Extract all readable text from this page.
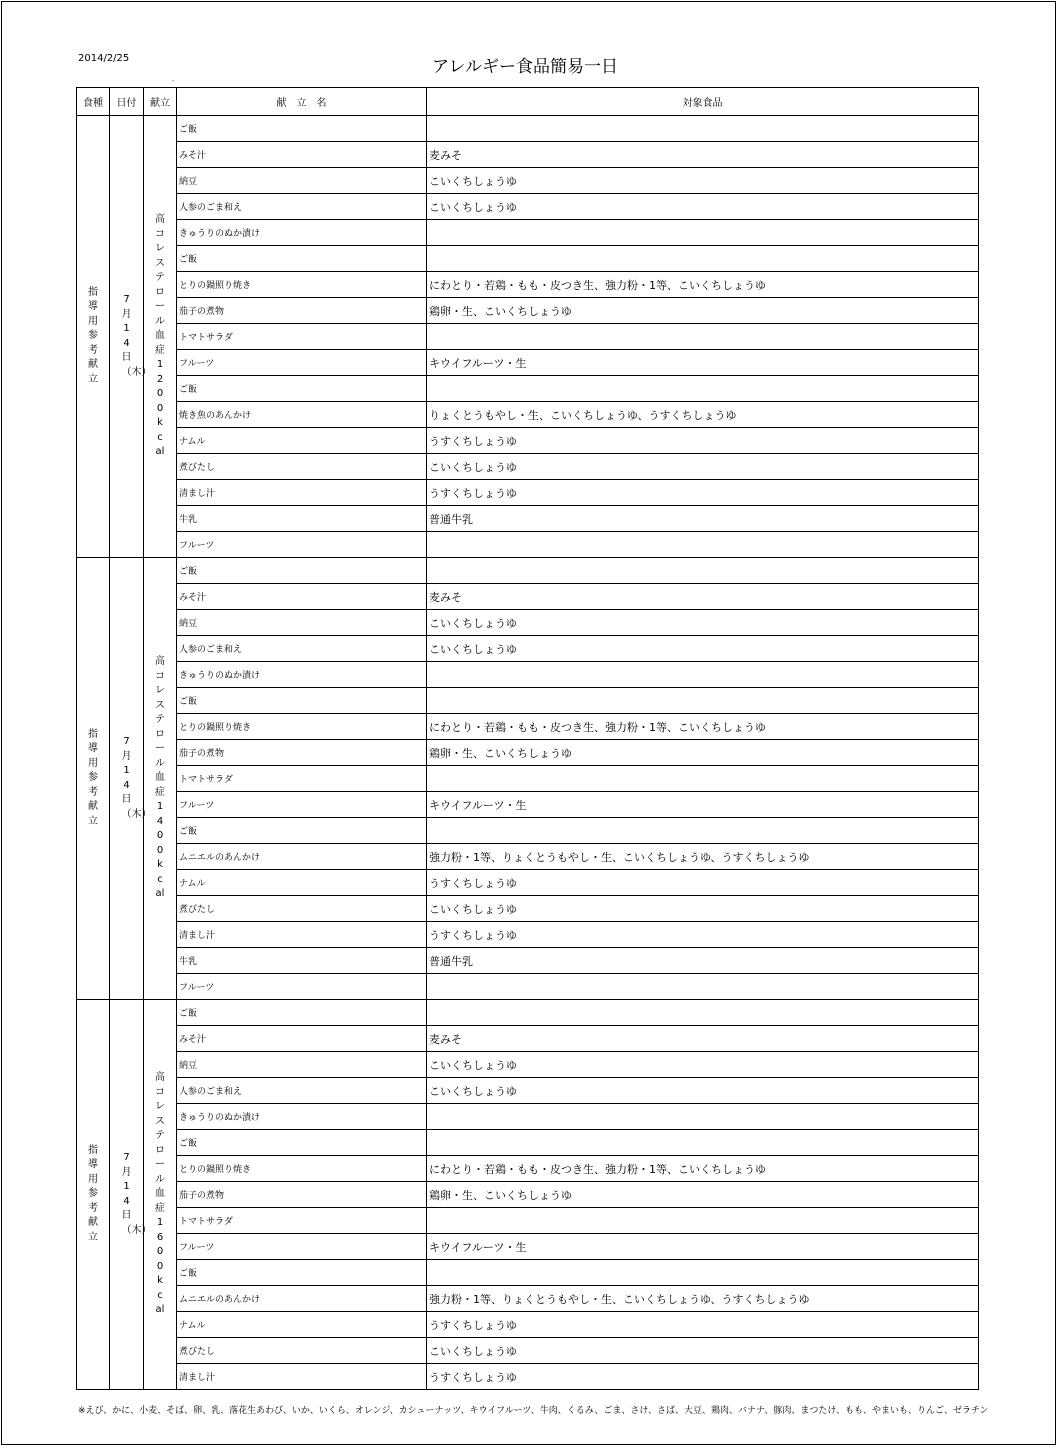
2014/2/25	アレルギー食品簡易一日
.
食種	日付	献立	献　立　名	対象食品
指導用参考献立	7月14日（木）	高コレステロール血症1200kcal	ご飯	
			みそ汁	麦みそ
			納豆	こいくちしょうゆ
			人参のごま和え	こいくちしょうゆ
			きゅうりのぬか漬け	
			ご飯	
			とりの鍋照り焼き	にわとり・若鶏・もも・皮つき生、強力粉・1等、こいくちしょうゆ
			茄子の煮物	鶏卵・生、こいくちしょうゆ
			トマトサラダ	
			フルーツ	キウイフルーツ・生
			ご飯	
			焼き魚のあんかけ	りょくとうもやし・生、こいくちしょうゆ、うすくちしょうゆ
			ナムル	うすくちしょうゆ
			煮びたし	こいくちしょうゆ
			清まし汁	うすくちしょうゆ
			牛乳	普通牛乳
			フルーツ	
指導用参考献立	7月14日（木）	高コレステロール血症1400kcal	ご飯	
			みそ汁	麦みそ
			納豆	こいくちしょうゆ
			人参のごま和え	こいくちしょうゆ
			きゅうりのぬか漬け	
			ご飯	
			とりの鍋照り焼き	にわとり・若鶏・もも・皮つき生、強力粉・1等、こいくちしょうゆ
			茄子の煮物	鶏卵・生、こいくちしょうゆ
			トマトサラダ	
			フルーツ	キウイフルーツ・生
			ご飯	
			ムニエルのあんかけ	強力粉・1等、りょくとうもやし・生、こいくちしょうゆ、うすくちしょうゆ
			ナムル	うすくちしょうゆ
			煮びたし	こいくちしょうゆ
			清まし汁	うすくちしょうゆ
			牛乳	普通牛乳
			フルーツ	
指導用参考献立	7月14日（木）	高コレステロール血症1600kcal	ご飯	
			みそ汁	麦みそ
			納豆	こいくちしょうゆ
			人参のごま和え	こいくちしょうゆ
			きゅうりのぬか漬け	
			ご飯	
			とりの鍋照り焼き	にわとり・若鶏・もも・皮つき生、強力粉・1等、こいくちしょうゆ
			茄子の煮物	鶏卵・生、こいくちしょうゆ
			トマトサラダ	
			フルーツ	キウイフルーツ・生
			ご飯	
			ムニエルのあんかけ	強力粉・1等、りょくとうもやし・生、こいくちしょうゆ、うすくちしょうゆ
			ナムル	うすくちしょうゆ
			煮びたし	こいくちしょうゆ
			清まし汁	うすくちしょうゆ
※えび、かに、小麦、そば、卵、乳、落花生あわび、いか、いくら、オレンジ、カシューナッツ、キウイフルーツ、牛肉、くるみ、ごま、さけ、さば、大豆、鶏肉、バナナ、豚肉、まつたけ、もも、やまいも、りんご、ゼラチン
